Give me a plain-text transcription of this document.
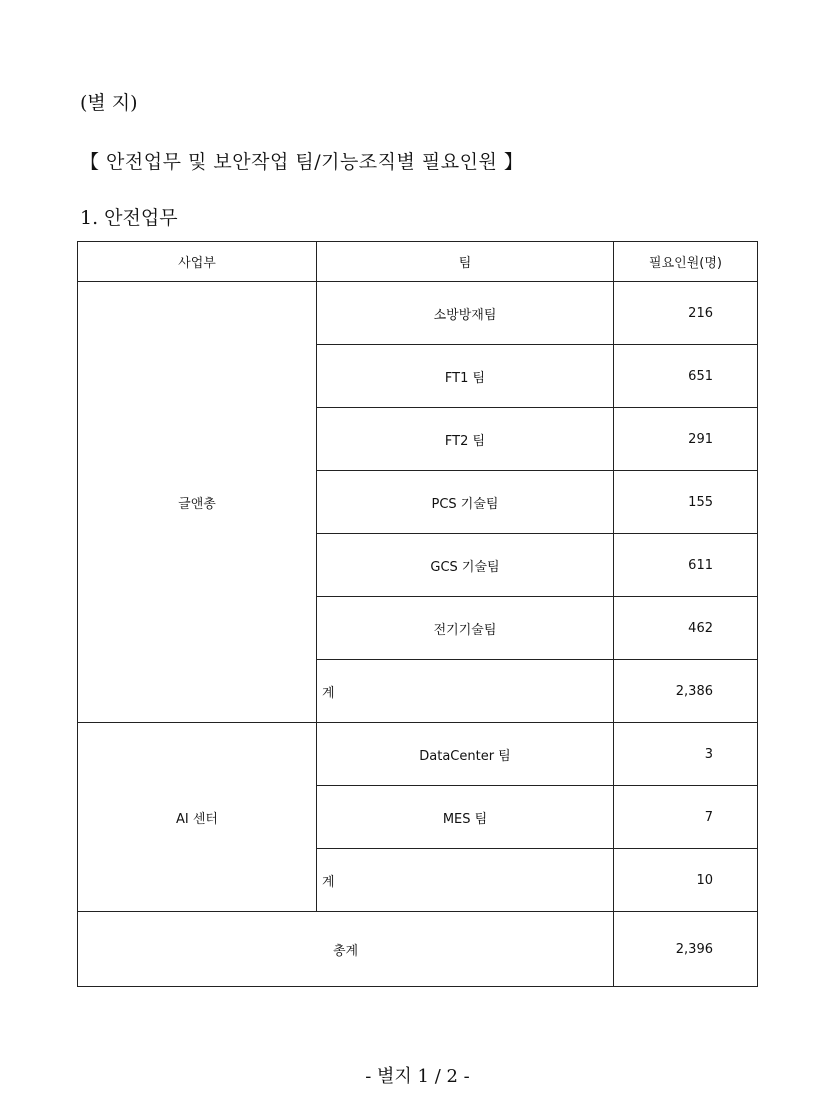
(별 지)
【 안전업무 및 보안작업 팀/기능조직별 필요인원 】
1. 안전업무
사업부	팀	필요인원(명)
글앤총	소방방재팀	216
	FT1 팀	651
	FT2 팀	291
	PCS 기술팀	155
	GCS 기술팀	611
	전기기술팀	462
	계	2,386
AI 센터	DataCenter 팀	3
	MES 팀	7
	계	10
총계		2,396
- 별지 1 / 2 -
